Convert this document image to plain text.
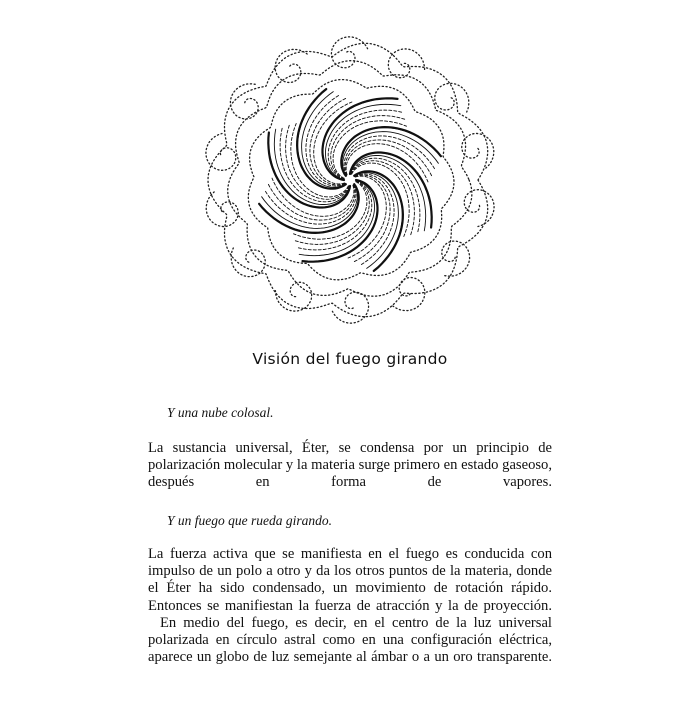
Visión del fuego girando
Y una nube colosal.

La sustancia universal, Éter, se condensa por un principio de polarización molecular y la materia surge primero en estado gaseoso, después en forma de vapores.

Y un fuego que rueda girando.

La fuerza activa que se manifiesta en el fuego es conducida con impulso de un polo a otro y da los otros puntos de la materia, donde el Éter ha sido condensado, un movimiento de rotación rápido. Entonces se manifiestan la fuerza de atracción y la de proyección.

En medio del fuego, es decir, en el centro de la luz universal polarizada en círculo astral como en una configuración eléctrica, aparece un globo de luz semejante al ámbar o a un oro transparente.
